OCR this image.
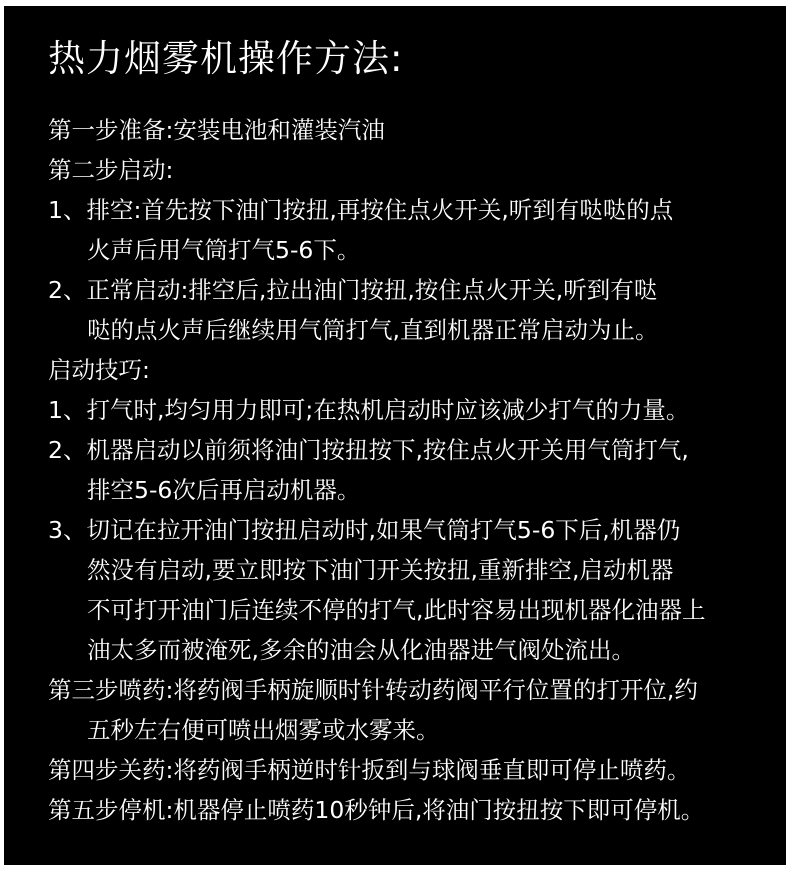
热力烟雾机操作方法:
第一步准备:安装电池和灌装汽油
第二步启动:
1、排空:首先按下油门按扭,再按住点火开关,听到有哒哒的点
火声后用气筒打气5-6下。
2、正常启动:排空后,拉出油门按扭,按住点火开关,听到有哒
哒的点火声后继续用气筒打气,直到机器正常启动为止。
启动技巧:
1、打气时,均匀用力即可;在热机启动时应该减少打气的力量。
2、机器启动以前须将油门按扭按下,按住点火开关用气筒打气,
排空5-6次后再启动机器。
3、切记在拉开油门按扭启动时,如果气筒打气5-6下后,机器仍
然没有启动,要立即按下油门开关按扭,重新排空,启动机器
不可打开油门后连续不停的打气,此时容易出现机器化油器上
油太多而被淹死,多余的油会从化油器进气阀处流出。
第三步喷药:将药阀手柄旋顺时针转动药阀平行位置的打开位,约
五秒左右便可喷出烟雾或水雾来。
第四步关药:将药阀手柄逆时针扳到与球阀垂直即可停止喷药。
第五步停机:机器停止喷药10秒钟后,将油门按扭按下即可停机。
